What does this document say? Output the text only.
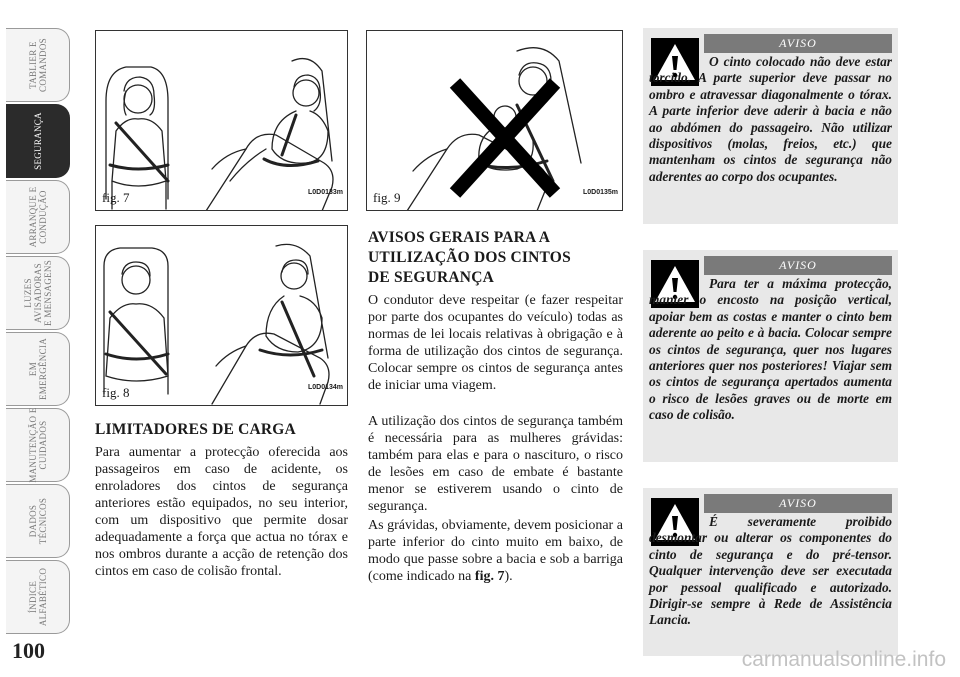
TABLIER E
COMANDOS
SEGURANÇA
ARRANQUE E
CONDUÇÃO
LUZES
AVISADORAS
E MENSAGENS
EM
EMERGÊNCIA
MANUTENÇÃO E
CUIDADOS
DADOS
TÉCNICOS
ÍNDICE
ALFABÉTICO
100
fig. 7	L0D0133m
fig. 8	L0D0134m
fig. 9	L0D0135m
LIMITADORES DE CARGA

Para aumentar a protecção oferecida aos passageiros em caso de acidente, os enroladores dos cintos de segurança anteriores estão equipados, no seu interior, com um dispositivo que permite dosar adequadamente a força que actua no tórax e nos ombros durante a acção de retenção dos cintos em caso de colisão frontal.

AVISOS GERAIS PARA A
UTILIZAÇÃO DOS CINTOS
DE SEGURANÇA

O condutor deve respeitar (e fazer respeitar por parte dos ocupantes do veículo) todas as normas de lei locais relativas à obrigação e à forma de utilização dos cintos de segurança. Colocar sempre os cintos de segurança antes de iniciar uma viagem.

A utilização dos cintos de segurança também é necessária para as mulheres grávidas: também para elas e para o nascituro, o risco de lesões em caso de embate é bastante menor se estiverem usando o cinto de segurança.

As grávidas, obviamente, devem posicionar a parte inferior do cinto muito em baixo, de modo que passe sobre a bacia e sob a barriga (come indicado na fig. 7).

AVISO

O cinto colocado não deve estar torcido. A parte superior deve passar no ombro e atravessar diagonalmente o tórax. A parte inferior deve aderir à bacia e não ao abdómen do passageiro. Não utilizar dispositivos (molas, freios, etc.) que mantenham os cintos de segurança não aderentes ao corpo dos ocupantes.

AVISO

Para ter a máxima protecção, manter o encosto na posição vertical, apoiar bem as costas e manter o cinto bem aderente ao peito e à bacia. Colocar sempre os cintos de segurança, quer nos lugares anteriores quer nos posteriores! Viajar sem os cintos de segurança apertados aumenta o risco de lesões graves ou de morte em caso de colisão.

AVISO

É severamente proibido desmontar ou alterar os componentes do cinto de segurança e do pré-tensor. Qualquer intervenção deve ser executada por pessoal qualificado e autorizado. Dirigir-se sempre à Rede de Assistência Lancia.

carmanualsonline.info
